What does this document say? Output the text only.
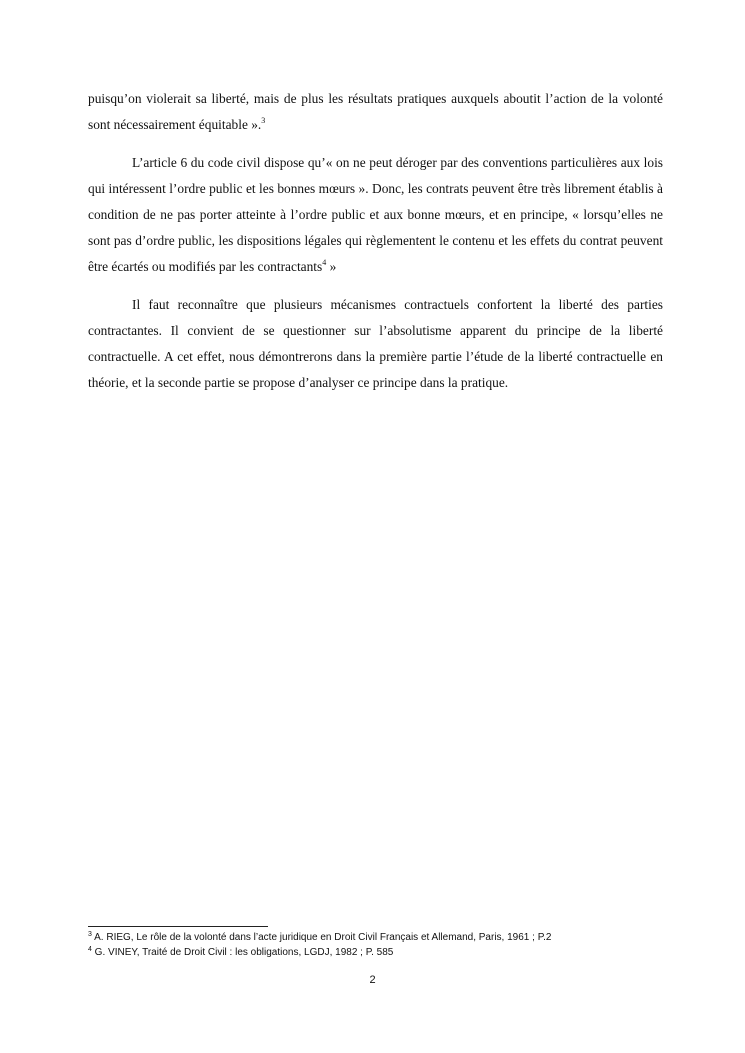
puisqu’on violerait sa liberté, mais de plus les résultats pratiques auxquels aboutit l’action de la volonté sont nécessairement équitable ».$^3$

L’article 6 du code civil dispose qu’« on ne peut déroger par des conventions particulières aux lois qui intéressent l’ordre public et les bonnes mœurs ». Donc, les contrats peuvent être très librement établis à condition de ne pas porter atteinte à l’ordre public et aux bonne mœurs, et en principe, « lorsqu’elles ne sont pas d’ordre public, les dispositions légales qui règlementent le contenu et les effets du contrat peuvent être écartés ou modifiés par les contractants$^4$ »

Il faut reconnaître que plusieurs mécanismes contractuels confortent la liberté des parties contractantes. Il convient de se questionner sur l’absolutisme apparent du principe de la liberté contractuelle. A cet effet, nous démontrerons dans la première partie l’étude de la liberté contractuelle en théorie, et la seconde partie se propose d’analyser ce principe dans la pratique.

$^3$ A. RIEG, Le rôle de la volonté dans l’acte juridique en Droit Civil Français et Allemand, Paris, 1961 ; P.2
$^4$ G. VINEY, Traité de Droit Civil : les obligations, LGDJ, 1982 ; P. 585
2
